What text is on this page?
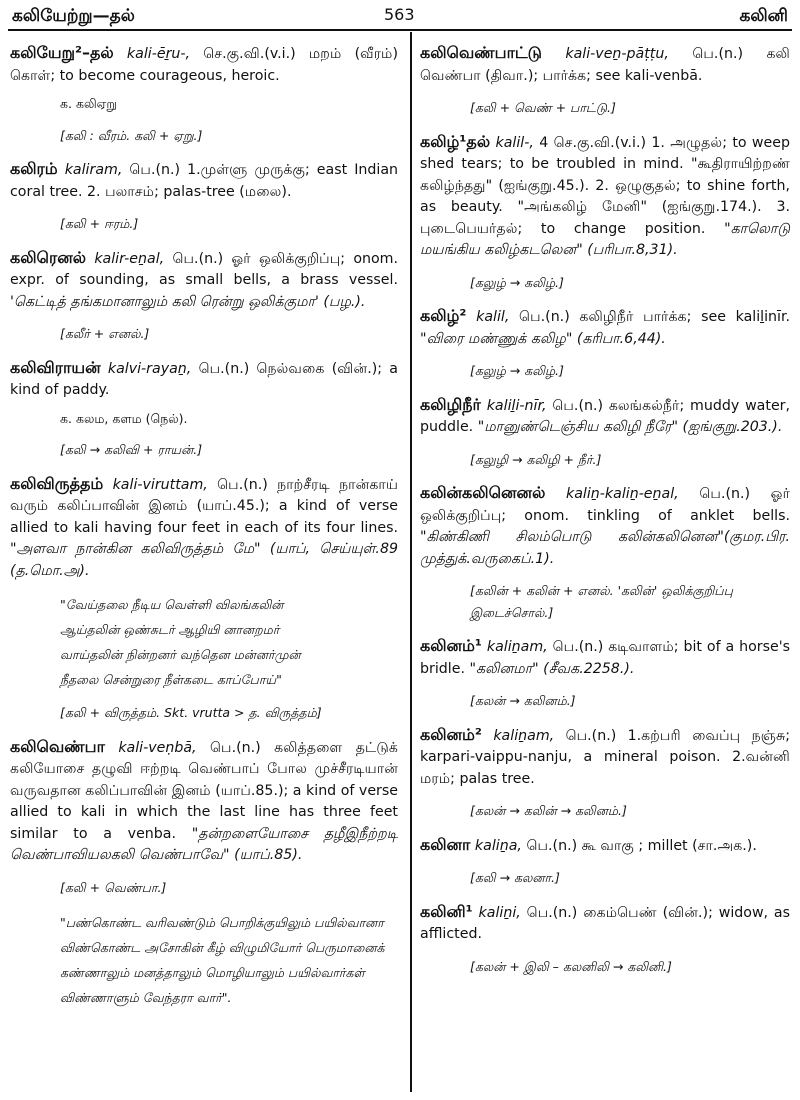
கலியேற்று—தல்	563	கலினி
கலியேறு²–தல் kali-ēṟu-, செ.கு.வி.(v.i.) மறம் (வீரம்) கொள்; to become courageous, heroic.
க. கலிஏறு
[கலி : வீரம். கலி + ஏறு.]
கலிரம் kaliram, பெ.(n.) 1.முள்ளு முருக்கு; east Indian coral tree. 2. பலாசம்; palas-tree (மலை).
[கலி + ஈரம்.]
கலிரெனல் kalir-eṉal, பெ.(n.) ஓர் ஒலிக்குறிப்பு; onom. expr. of sounding, as small bells, a brass vessel. 'கெட்டித் தங்கமானாலும் கலி ரென்று ஒலிக்குமா' (பழ.).
[கலீர் + எனல்.]
கலிவிராயன் kalvi-rayaṉ, பெ.(n.) நெல்வகை (வின்.); a kind of paddy.
க. கலம, களம (நெல்).
[கலி → கலிவி + ராயன்.]
கலிவிருத்தம் kali-viruttam, பெ.(n.) நாற்சீரடி நான்காய் வரும் கலிப்பாவின் இனம் (யாப்.45.); a kind of verse allied to kali having four feet in each of its four lines. "அளவா நான்கின கலிவிருத்தம் மே" (யாப், செய்யுள்.89 (த.மொ.அ).
"வேய்தலை நீடிய வெள்ளி விலங்கலின்
ஆய்தலின் ஒண்சுடர் ஆழியி னானறமர்
வாய்தலின் நின்றனர் வந்தென மன்னர்முன்
நீதலை சென்றுரை நீள்கடை காப்போய்"
[கலி + விருத்தம். Skt. vrutta > த. விருத்தம்]
கலிவெண்பா kali-veṇbā, பெ.(n.) கலித்தளை தட்டுக் கலியோசை தழுவி ஈற்றடி வெண்பாப் போல முச்சீரடியான் வருவதான கலிப்பாவின் இனம் (யாப்.85.); a kind of verse allied to kali in which the last line has three feet similar to a venba. "தன்றளையோசை தழீஇநீற்றடி வெண்பாவியலகலி வெண்பாவே" (யாப்.85).
[கலி + வெண்பா.]
"பண்கொண்ட வரிவண்டும் பொறிக்குயிலும் பயில்வானா
விண்கொண்ட அசோகின் கீழ் விழுமியோர் பெருமானைக்
கண்ணாலும் மனத்தாலும் மொழியாலும் பயில்வார்கள்
விண்ணாளும் வேந்தரா வார்".
கலிவெண்பாட்டு kali-veṉ-pāṭṭu, பெ.(n.) கலி வெண்பா (திவா.); பார்க்க; see kali-venbā.
[கலி + வெண் + பாட்டு.]
கலிழ்¹தல் kalil-, 4 செ.கு.வி.(v.i.) 1. அழுதல்; to weep shed tears; to be troubled in mind. "கூதிராயிற்றண் கலிழ்ந்தது" (ஐங்குறு.45.). 2. ஒழுகுதல்; to shine forth, as beauty. "அங்கலிழ் மேனி" (ஐங்குறு.174.). 3. புடைபெயர்தல்; to change position. "காலொடு மயங்கிய கலிழ்கடலென" (பரிபா.8,31).
[கலுழ் → கலிழ்.]
கலிழ்² kalil, பெ.(n.) கலிழிநீர் பார்க்க; see kaliḻinīr. "விரை மண்ணுக் கலிழ" (கரிபா.6,44).
[கலுழ் → கலிழ்.]
கலிழிநீர் kaliḻi-nīr, பெ.(n.) கலங்கல்நீர்; muddy water, puddle. "மானுண்டெஞ்சிய கலிழி நீரே" (ஐங்குறு.203.).
[கலுழி → கலிழி + நீர்.]
கலின்கலினெனல் kaliṉ-kaliṉ-eṉal, பெ.(n.) ஓர் ஒலிக்குறிப்பு; onom. tinkling of anklet bells. "கிண்கிணி சிலம்பொடு கலின்கலினென"(குமர.பிர. முத்துக்.வருகைப்.1).
[கலின் + கலின் + எனல். 'கலின்' ஒலிக்குறிப்பு இடைச்சொல்.]
கலினம்¹ kaliṉam, பெ.(n.) கடிவாளம்; bit of a horse's bridle. "கலினமா" (சீவக.2258.).
[கலன் → கலினம்.]
கலினம்² kaliṉam, பெ.(n.) 1.கற்பரி வைப்பு நஞ்சு; karpari-vaippu-nanju, a mineral poison. 2.வன்னி மரம்; palas tree.
[கலன் → கலின் → கலினம்.]
கலினா kaliṉa, பெ.(n.) கூ வாகு ; millet (சா.அக.).
[கலி → கலனா.]
கலினி¹ kaliṉi, பெ.(n.) கைம்பெண் (வின்.); widow, as afflicted.
[கலன் + இலி – கலனிலி → கலினி.]
